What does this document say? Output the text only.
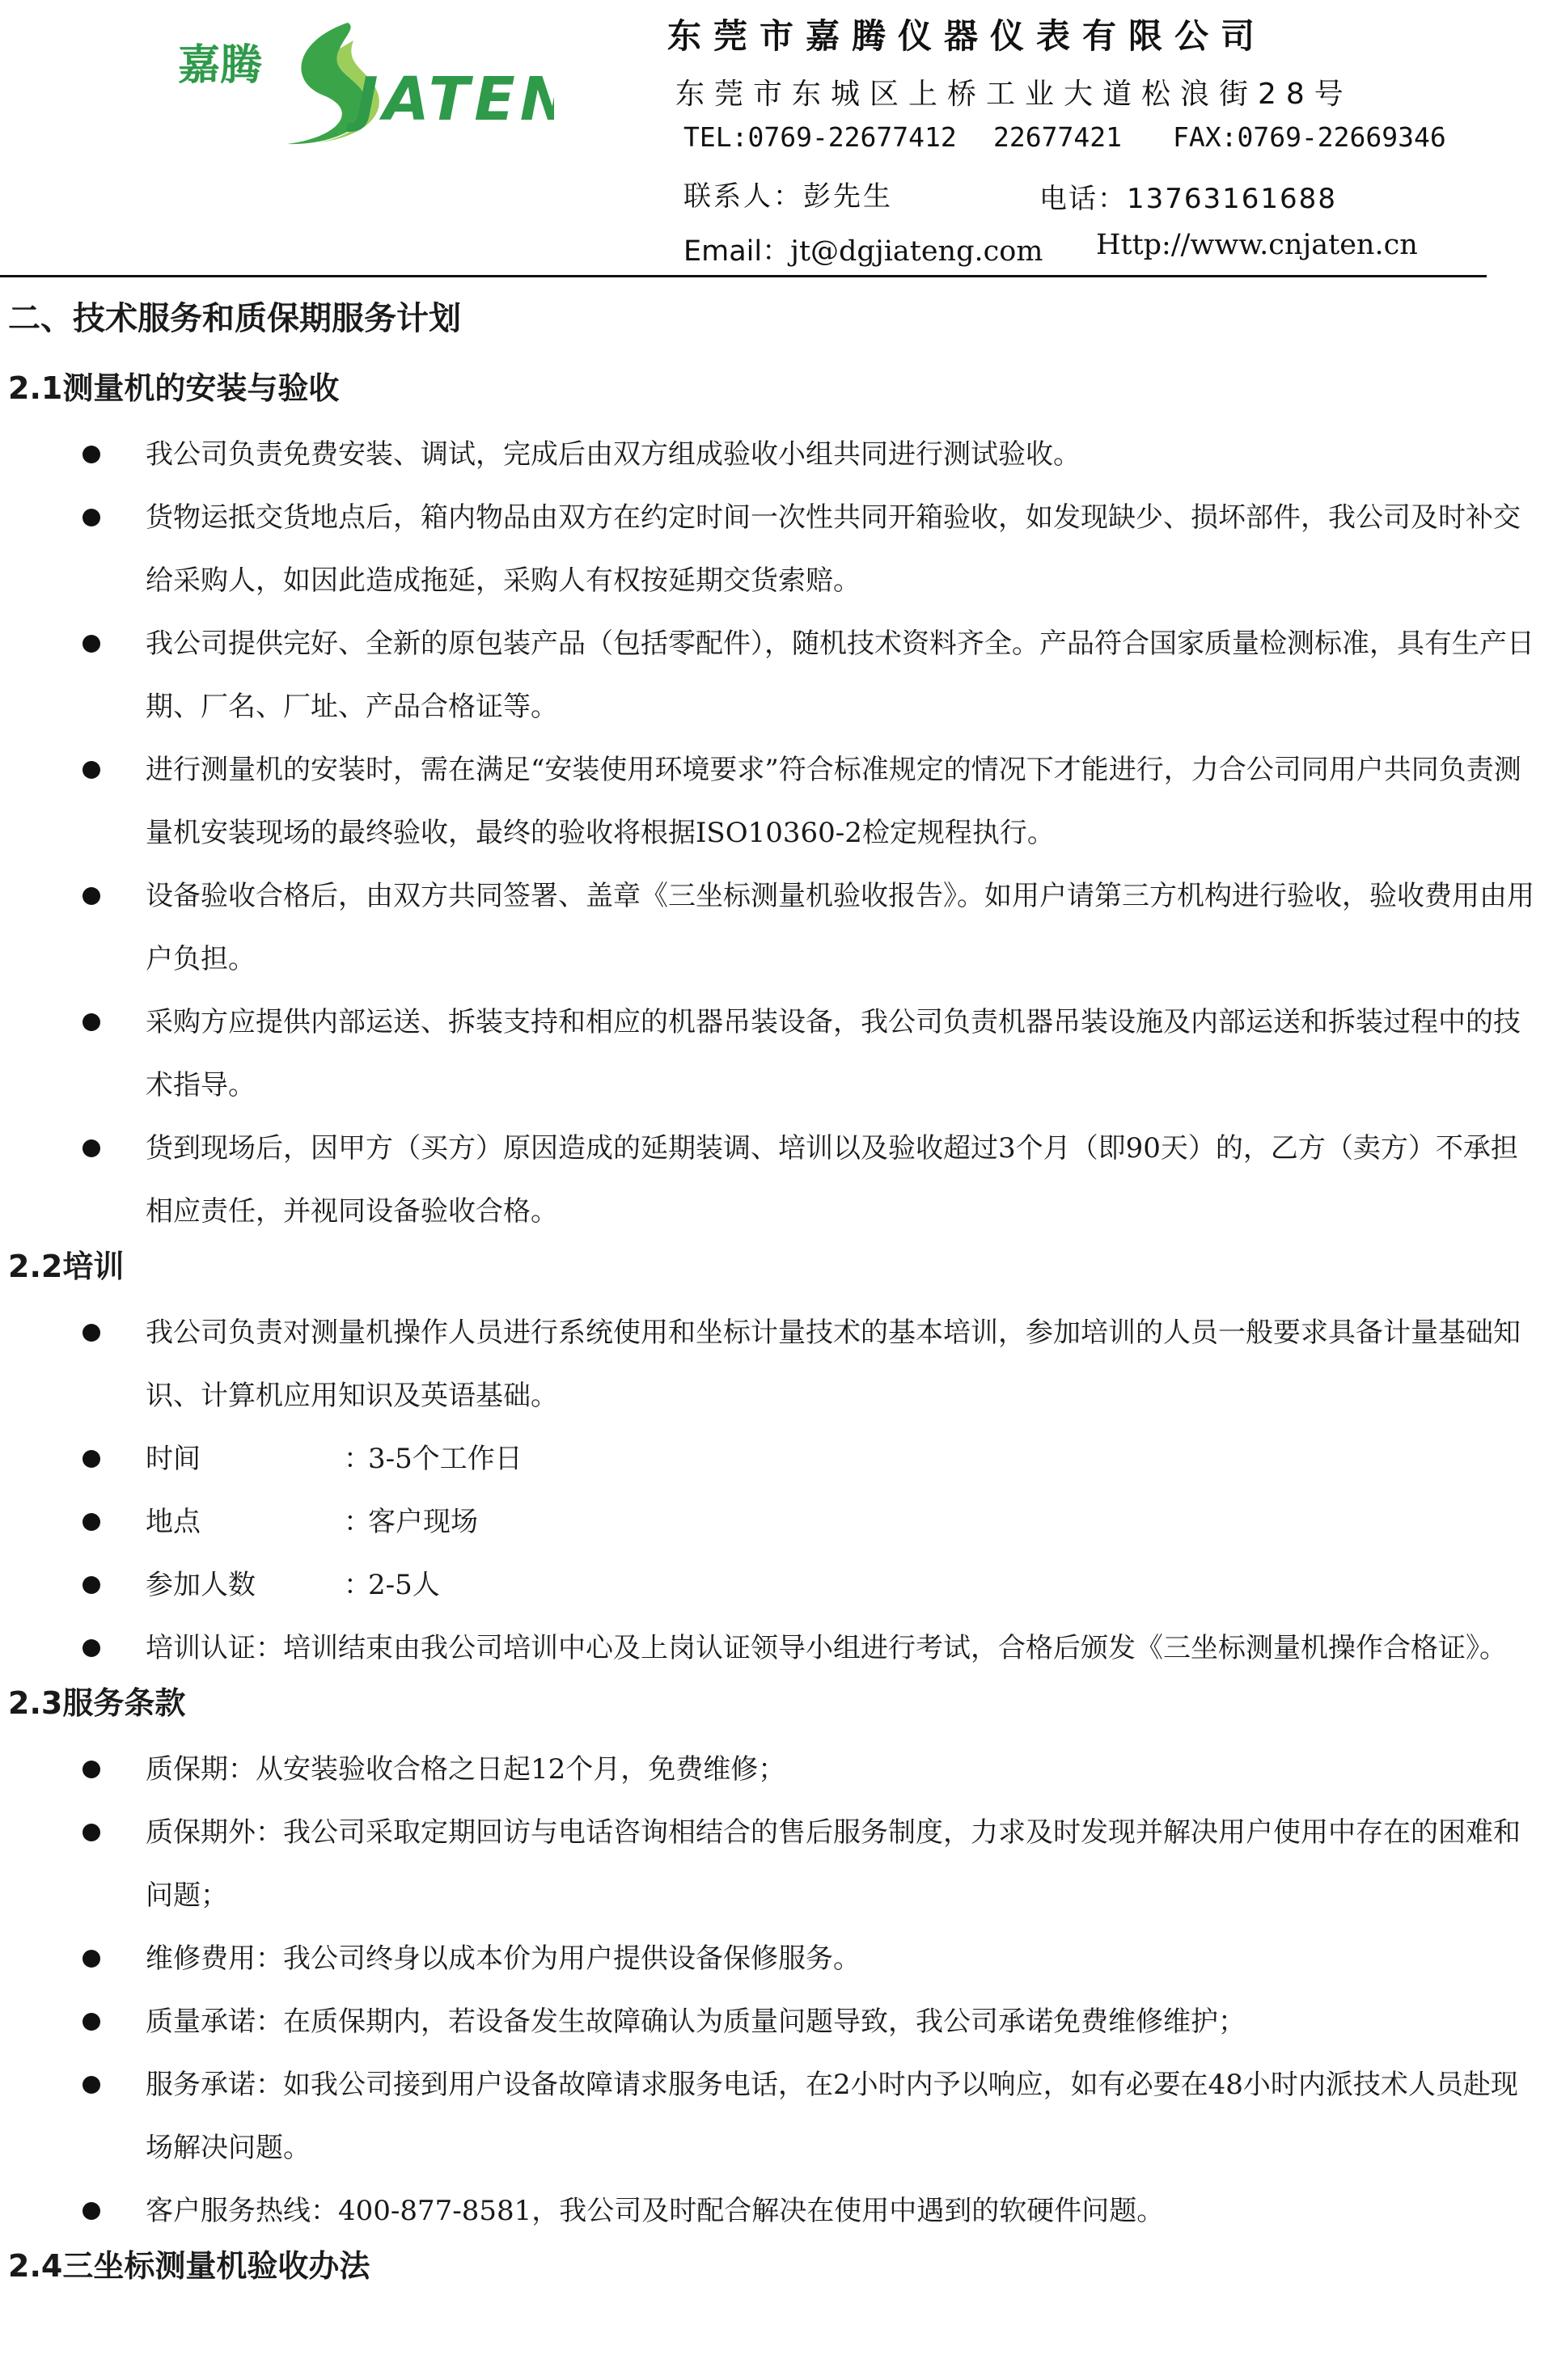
嘉腾 JATEN
东莞市嘉腾仪器仪表有限公司
东莞市东城区上桥工业大道松浪街28号
TEL:0769-22677412 22677421 FAX:0769-22669346
联系人：彭先生	电话：13763161688
Email：jt@dgjiateng.com Http://www.cnjaten.cn
二、技术服务和质保期服务计划
2.1测量机的安装与验收
我公司负责免费安装、调试，完成后由双方组成验收小组共同进行测试验收。
货物运抵交货地点后，箱内物品由双方在约定时间一次性共同开箱验收，如发现缺少、损坏部件，我公司及时补交给采购人，如因此造成拖延，采购人有权按延期交货索赔。
我公司提供完好、全新的原包装产品（包括零配件），随机技术资料齐全。产品符合国家质量检测标准，具有生产日期、厂名、厂址、产品合格证等。
进行测量机的安装时，需在满足“安装使用环境要求”符合标准规定的情况下才能进行，力合公司同用户共同负责测量机安装现场的最终验收，最终的验收将根据ISO10360-2检定规程执行。
设备验收合格后，由双方共同签署、盖章《三坐标测量机验收报告》。如用户请第三方机构进行验收，验收费用由用户负担。
采购方应提供内部运送、拆装支持和相应的机器吊装设备，我公司负责机器吊装设施及内部运送和拆装过程中的技术指导。
货到现场后，因甲方（买方）原因造成的延期装调、培训以及验收超过3个月（即90天）的，乙方（卖方）不承担相应责任，并视同设备验收合格。
2.2培训
我公司负责对测量机操作人员进行系统使用和坐标计量技术的基本培训，参加培训的人员一般要求具备计量基础知识、计算机应用知识及英语基础。
时间	：3-5个工作日
地点	：客户现场
参加人数	：2-5人
培训认证：培训结束由我公司培训中心及上岗认证领导小组进行考试，合格后颁发《三坐标测量机操作合格证》。
2.3服务条款
质保期：从安装验收合格之日起12个月，免费维修；
质保期外：我公司采取定期回访与电话咨询相结合的售后服务制度，力求及时发现并解决用户使用中存在的困难和问题；
维修费用：我公司终身以成本价为用户提供设备保修服务。
质量承诺：在质保期内，若设备发生故障确认为质量问题导致，我公司承诺免费维修维护；
服务承诺：如我公司接到用户设备故障请求服务电话，在2小时内予以响应，如有必要在48小时内派技术人员赴现场解决问题。
客户服务热线：400-877-8581，我公司及时配合解决在使用中遇到的软硬件问题。
2.4三坐标测量机验收办法
